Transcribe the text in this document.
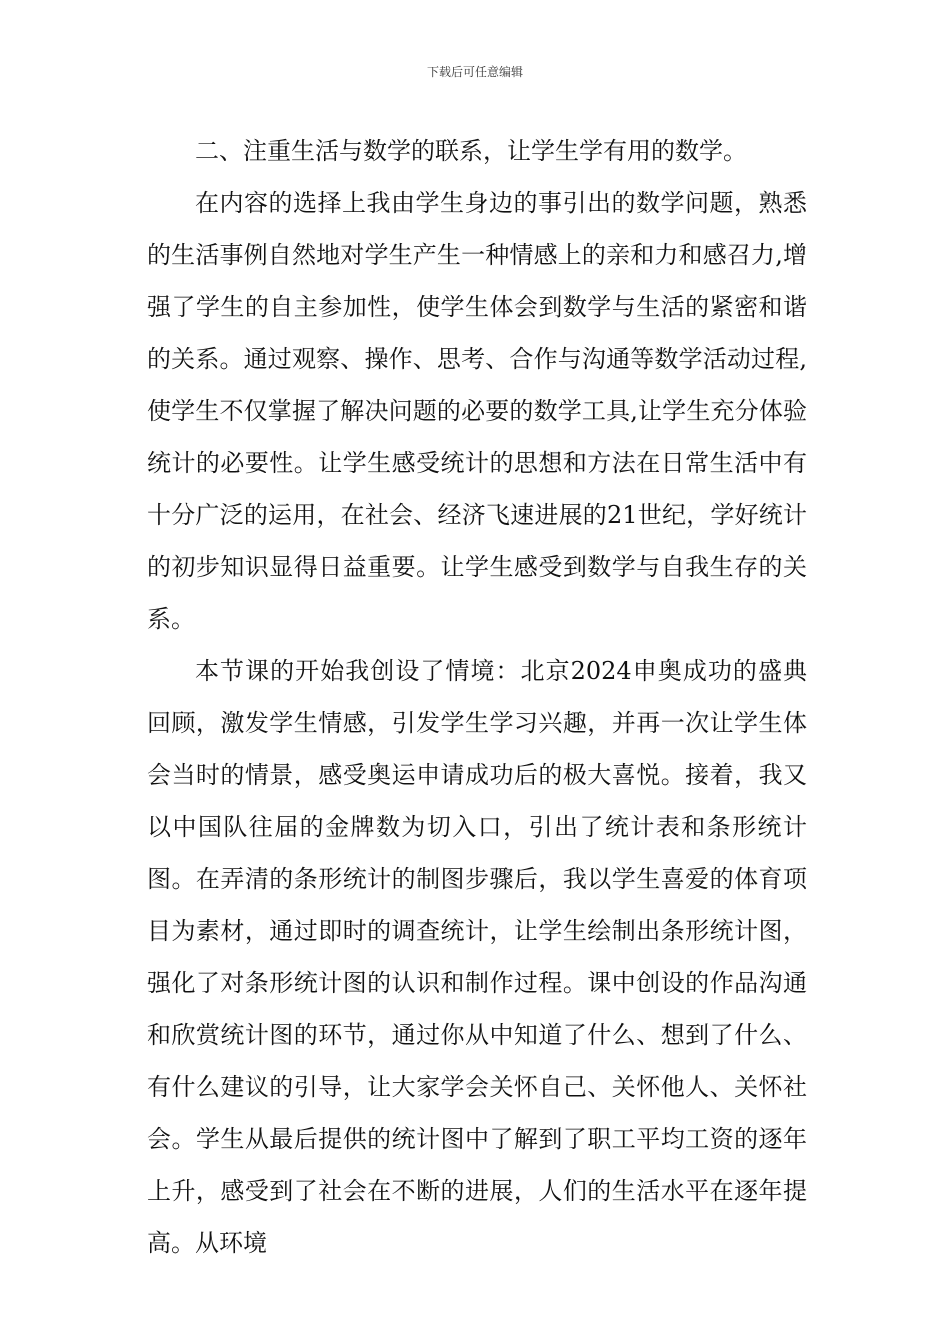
下载后可任意编辑

二、注重生活与数学的联系，让学生学有用的数学。

在内容的选择上我由学生身边的事引出的数学问题，熟悉的生活事例自然地对学生产生一种情感上的亲和力和感召力,增强了学生的自主参加性，使学生体会到数学与生活的紧密和谐的关系。通过观察、操作、思考、合作与沟通等数学活动过程,使学生不仅掌握了解决问题的必要的数学工具,让学生充分体验统计的必要性。让学生感受统计的思想和方法在日常生活中有十分广泛的运用，在社会、经济飞速进展的21世纪，学好统计的初步知识显得日益重要。让学生感受到数学与自我生存的关系。

本节课的开始我创设了情境：北京2024申奥成功的盛典回顾，激发学生情感，引发学生学习兴趣，并再一次让学生体会当时的情景，感受奥运申请成功后的极大喜悦。接着，我又以中国队往届的金牌数为切入口，引出了统计表和条形统计图。在弄清的条形统计的制图步骤后，我以学生喜爱的体育项目为素材，通过即时的调查统计，让学生绘制出条形统计图，强化了对条形统计图的认识和制作过程。课中创设的作品沟通和欣赏统计图的环节，通过你从中知道了什么、想到了什么、有什么建议的引导，让大家学会关怀自己、关怀他人、关怀社会。学生从最后提供的统计图中了解到了职工平均工资的逐年上升，感受到了社会在不断的进展，人们的生活水平在逐年提高。从环境
